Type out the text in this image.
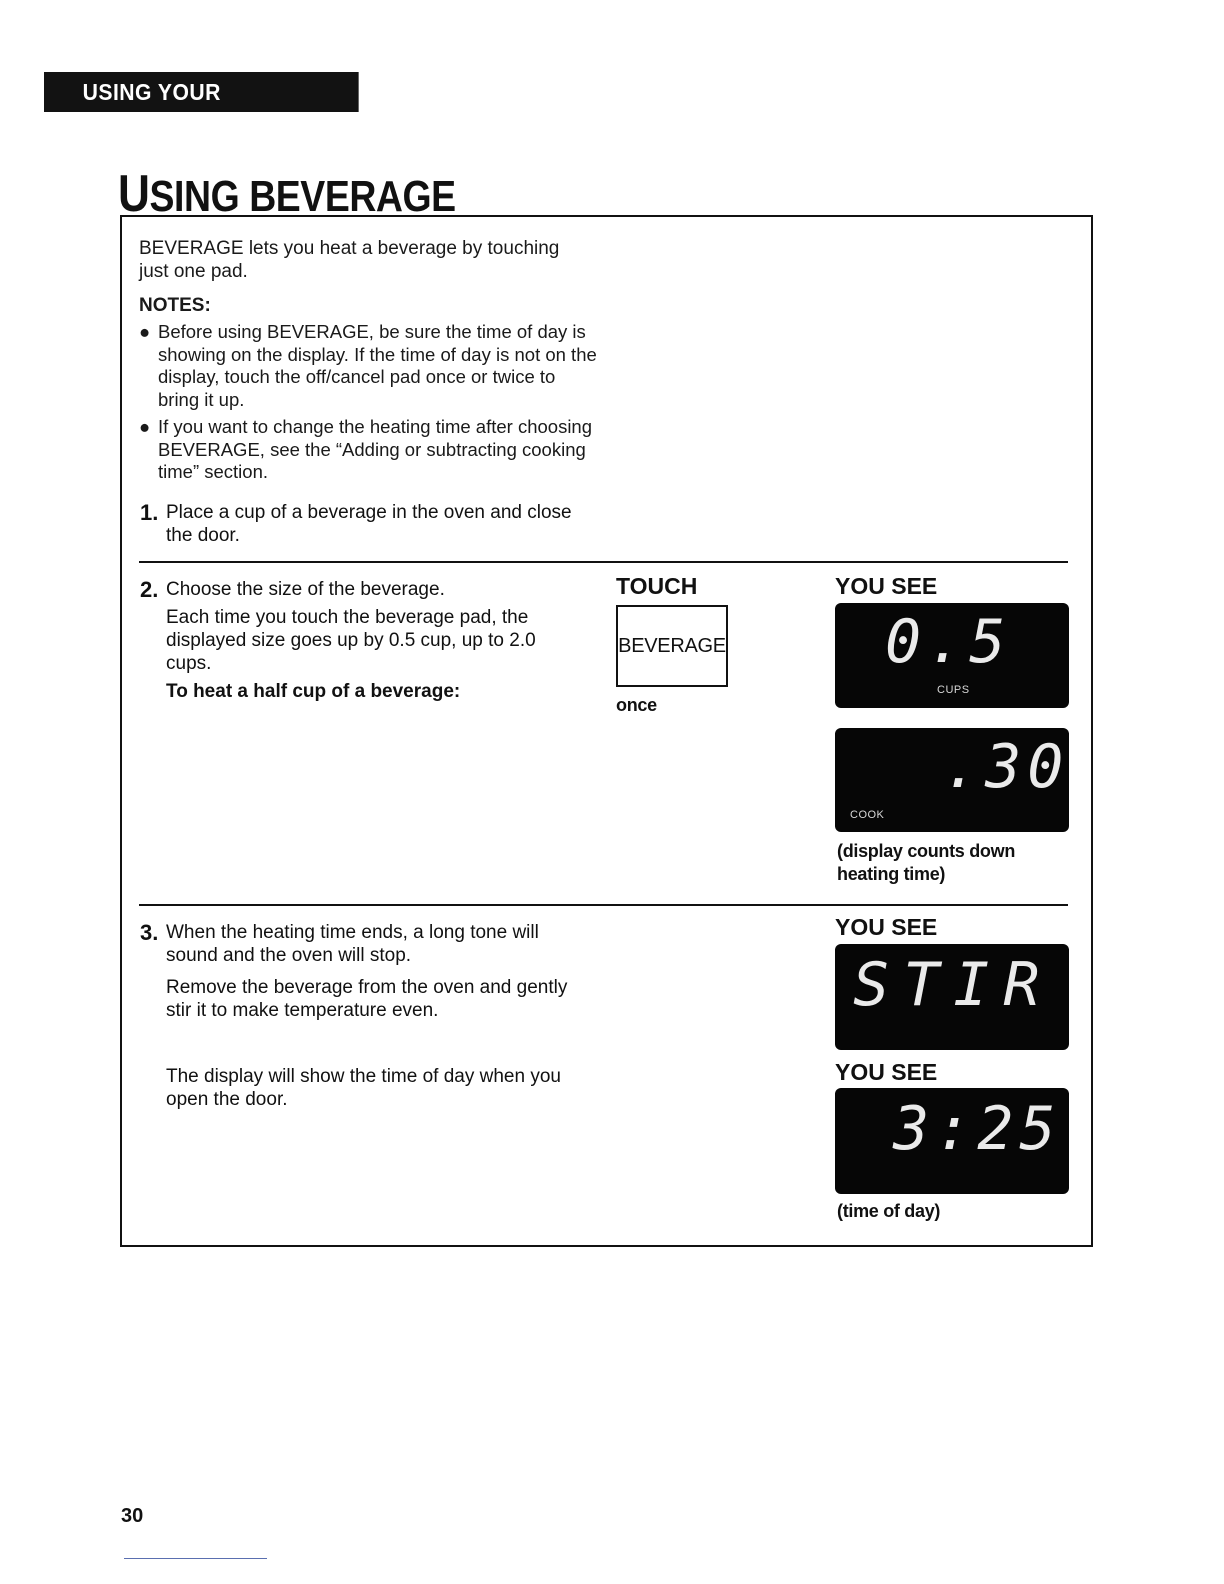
USING YOUR MICROWAVE OVEN
USING BEVERAGE
BEVERAGE lets you heat a beverage by touching just one pad.
NOTES:
● Before using BEVERAGE, be sure the time of day is showing on the display. If the time of day is not on the display, touch the off/cancel pad once or twice to bring it up.
● If you want to change the heating time after choosing BEVERAGE, see the “Adding or subtracting cooking time” section.
1. Place a cup of a beverage in the oven and close the door.
2. Choose the size of the beverage.
Each time you touch the beverage pad, the displayed size goes up by 0.5 cup, up to 2.0 cups.
To heat a half cup of a beverage:
TOUCH
BEVERAGE
once
YOU SEE
0.5
CUPS
.30
COOK
(display counts down heating time)
3. When the heating time ends, a long tone will sound and the oven will stop.
Remove the beverage from the oven and gently stir it to make temperature even.
The display will show the time of day when you open the door.
YOU SEE
STIR
YOU SEE
3:25
(time of day)
30
